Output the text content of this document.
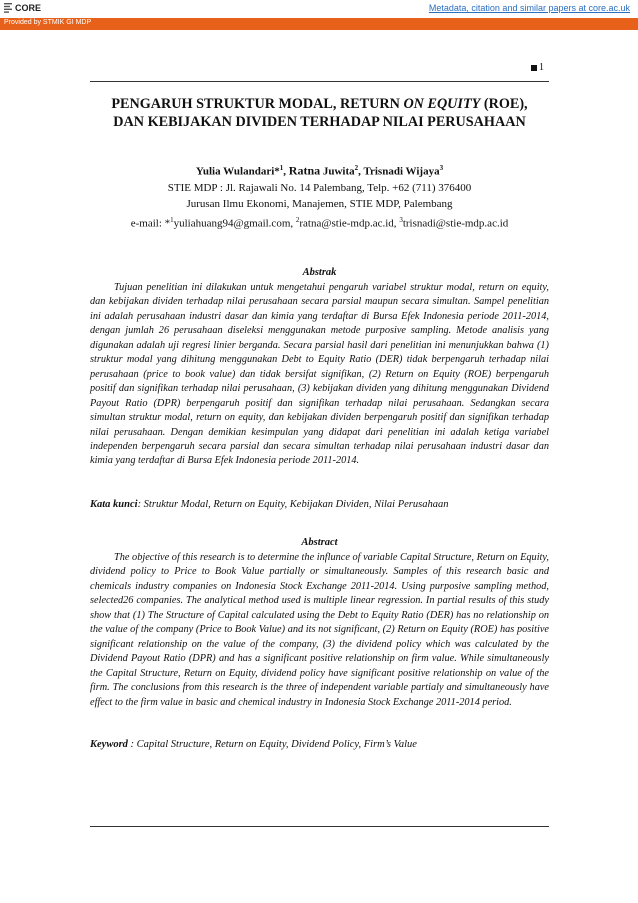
CORE	Metadata, citation and similar papers at core.ac.uk
Provided by STMIK GI MDP
1
PENGARUH STRUKTUR MODAL, RETURN ON EQUITY (ROE),
DAN KEBIJAKAN DIVIDEN TERHADAP NILAI PERUSAHAAN
Yulia Wulandari*$^1$, Ratna Juwita$^2$, Trisnadi Wijaya$^3$
STIE MDP : Jl. Rajawali No. 14 Palembang, Telp. +62 (711) 376400
Jurusan Ilmu Ekonomi, Manajemen, STIE MDP, Palembang
e-mail: *$^1$yuliahuang94@gmail.com, $^2$ratna@stie-mdp.ac.id, $^3$trisnadi@stie-mdp.ac.id
Abstrak
Tujuan penelitian ini dilakukan untuk mengetahui pengaruh variabel struktur modal, return on equity, dan kebijakan dividen terhadap nilai perusahaan secara parsial maupun secara simultan. Sampel penelitian ini adalah perusahaan industri dasar dan kimia yang terdaftar di Bursa Efek Indonesia periode 2011-2014, dengan jumlah 26 perusahaan diseleksi menggunakan metode purposive sampling. Metode analisis yang digunakan adalah uji regresi linier berganda. Secara parsial hasil dari penelitian ini menunjukkan bahwa (1) struktur modal yang dihitung menggunakan Debt to Equity Ratio (DER) tidak berpengaruh terhadap nilai perusahaan (price to book value) dan tidak bersifat signifikan, (2) Return on Equity (ROE) berpengaruh positif dan signifikan terhadap nilai perusahaan, (3) kebijakan dividen yang dihitung menggunakan Dividend Payout Ratio (DPR) berpengaruh positif dan signifikan terhadap nilai perusahaan. Sedangkan secara simultan struktur modal, return on equity, dan kebijakan dividen berpengaruh positif dan signifikan terhadap nilai perusahaan. Dengan demikian kesimpulan yang didapat dari penelitian ini adalah ketiga variabel independen berpengaruh secara parsial dan secara simultan terhadap nilai perusahaan industri dasar dan kimia yang terdaftar di Bursa Efek Indonesia periode 2011-2014.
Kata kunci: Struktur Modal, Return on Equity, Kebijakan Dividen, Nilai Perusahaan
Abstract
The objective of this research is to determine the influnce of variable Capital Structure, Return on Equity, dividend policy to Price to Book Value partially or simultaneously. Samples of this research basic and chemicals industry companies on Indonesia Stock Exchange 2011-2014. Using purposive sampling method, selected26 companies. The analytical method used is multiple linear regression. In partial results of this study show that (1) The Structure of Capital calculated using the Debt to Equity Ratio (DER) has no relationship on the value of the company (Price to Book Value) and its not significant, (2) Return on Equity (ROE) has positive significant relationship on the value of the company, (3) the dividend policy which was calculated by the Dividend Payout Ratio (DPR) and has a significant positive relationship on firm value. While simultaneously the Capital Structure, Return on Equity, dividend policy have significant positive relationship on value of the firm. The conclusions from this research is the three of independent variable partialy and simultaneously have effect to the firm value in basic and chemical industry in Indonesia Stock Exchange 2011-2014 period.
Keyword : Capital Structure, Return on Equity, Dividend Policy, Firm’s Value
